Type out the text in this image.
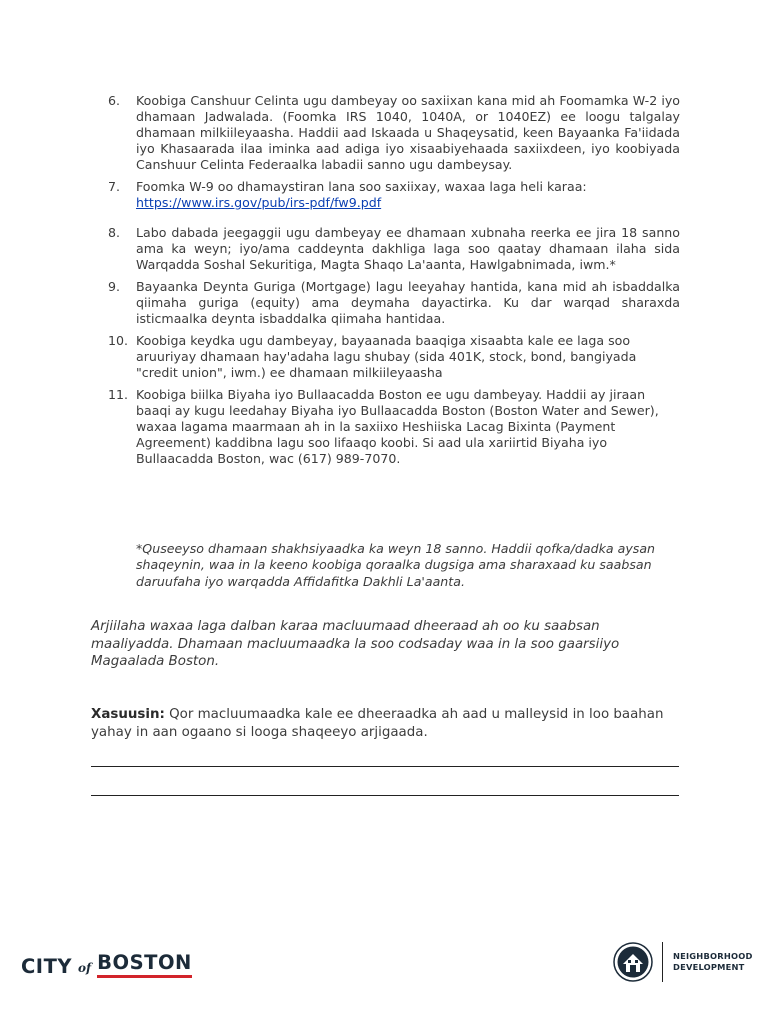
6.	Koobiga Canshuur Celinta ugu dambeyay oo saxiixan kana mid ah Foomamka W-2 iyo dhamaan Jadwalada. (Foomka IRS 1040, 1040A, or 1040EZ) ee loogu talgalay dhamaan milkiileyaasha. Haddii aad Iskaada u Shaqeysatid, keen Bayaanka Fa'iidada iyo Khasaarada ilaa iminka aad adiga iyo xisaabiyehaada saxiixdeen, iyo koobiyada Canshuur Celinta Federaalka labadii sanno ugu dambeysay.
7.	Foomka W-9 oo dhamaystiran lana soo saxiixay, waxaa laga heli karaa: https://www.irs.gov/pub/irs-pdf/fw9.pdf
8.	Labo dabada jeegaggii ugu dambeyay ee dhamaan xubnaha reerka ee jira 18 sanno ama ka weyn; iyo/ama caddeynta dakhliga laga soo qaatay dhamaan ilaha sida Warqadda Soshal Sekuritiga, Magta Shaqo La'aanta, Hawlgabnimada, iwm.*
9.	Bayaanka Deynta Guriga (Mortgage) lagu leeyahay hantida, kana mid ah isbaddalka qiimaha guriga (equity) ama deymaha dayactirka. Ku dar warqad sharaxda isticmaalka deynta isbaddalka qiimaha hantidaa.
10. Koobiga keydka ugu dambeyay, bayaanada baaqiga xisaabta kale ee laga soo aruuriyay dhamaan hay'adaha lagu shubay (sida 401K, stock, bond, bangiyada "credit union", iwm.) ee dhamaan milkiileyaasha
11. Koobiga biilka Biyaha iyo Bullaacadda Boston ee ugu dambeyay. Haddii ay jiraan baaqi ay kugu leedahay Biyaha iyo Bullaacadda Boston (Boston Water and Sewer), waxaa lagama maarmaan ah in la saxiixo Heshiiska Lacag Bixinta (Payment Agreement) kaddibna lagu soo lifaaqo koobi. Si aad ula xariirtid Biyaha iyo Bullaacadda Boston, wac (617) 989-7070.

*Quseeyso dhamaan shakhsiyaadka ka weyn 18 sanno. Haddii qofka/dadka aysan shaqeynin, waa in la keeno koobiga qoraalka dugsiga ama sharaxaad ku saabsan daruufaha iyo warqadda Affidafitka Dakhli La'aanta.

Arjiilaha waxaa laga dalban karaa macluumaad dheeraad ah oo ku saabsan maaliyadda. Dhamaan macluumaadka la soo codsaday waa in la soo gaarsiiyo Magaalada Boston.

Xasuusin: Qor macluumaadka kale ee dheeraadka ah aad u malleysid in loo baahan yahay in aan ogaano si looga shaqeeyo arjigaada.

CITY of BOSTON	NEIGHBORHOOD
DEVELOPMENT
